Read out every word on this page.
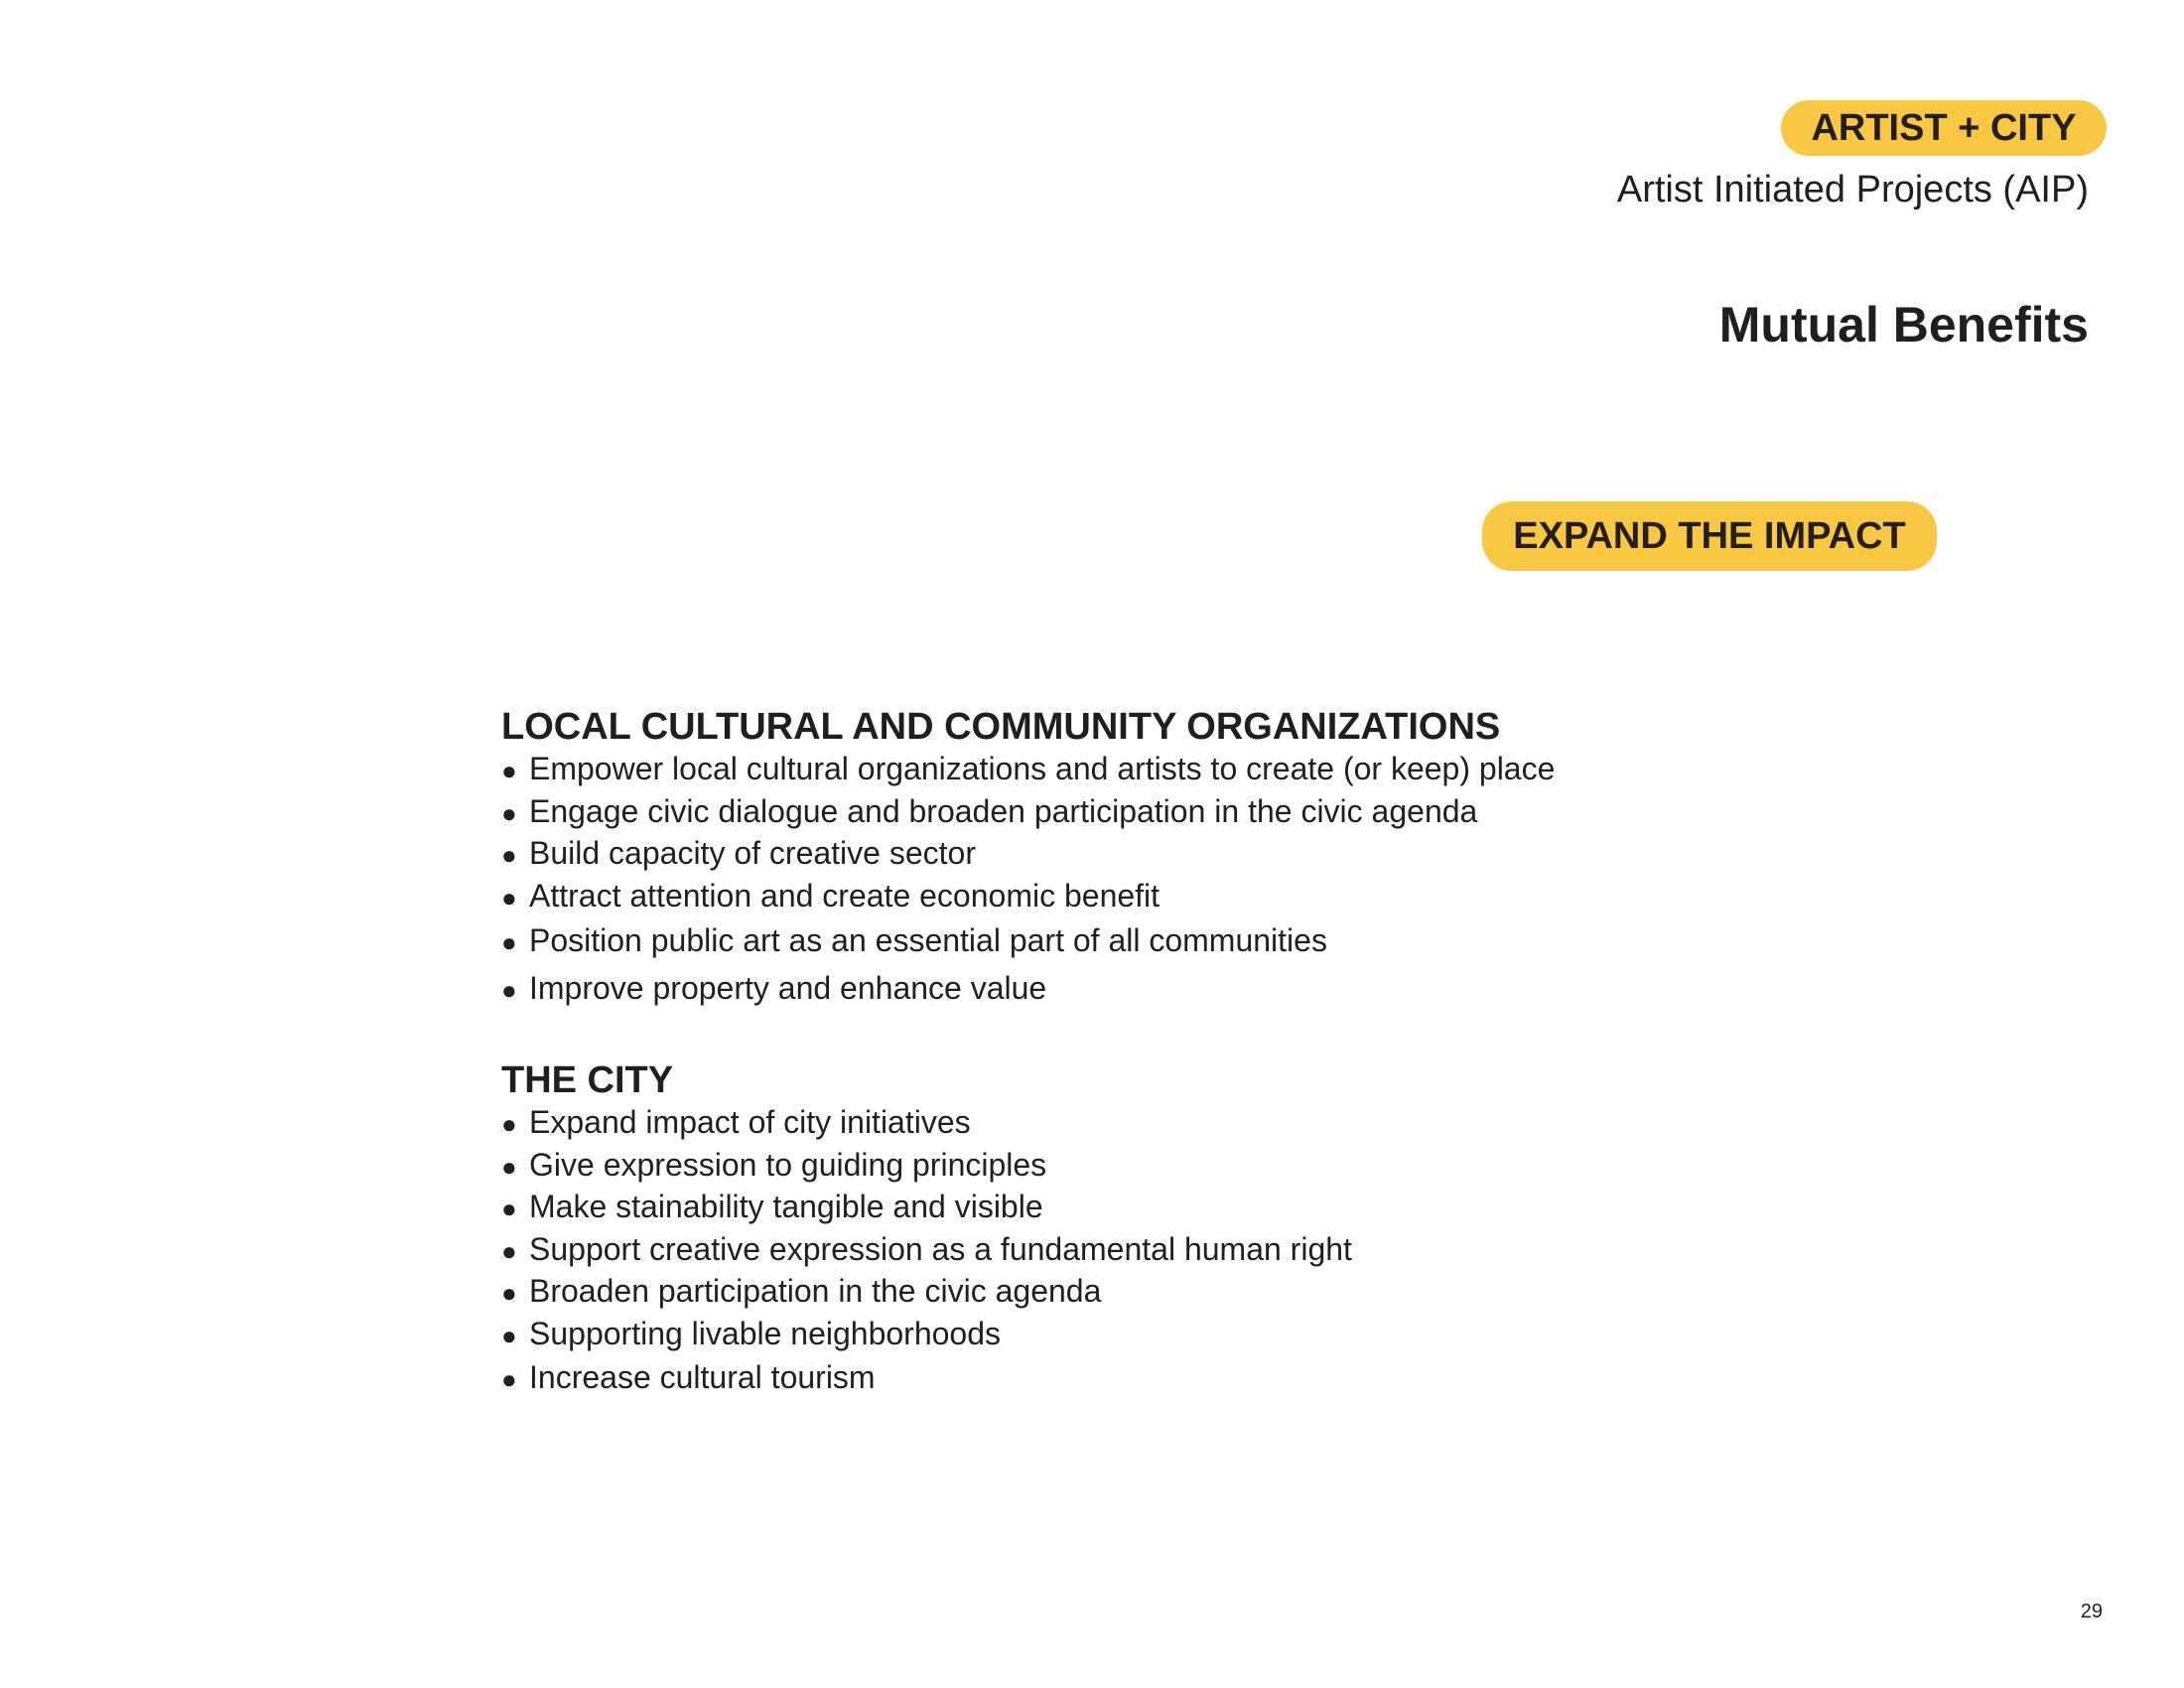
ARTIST + CITY
Artist Initiated Projects (AIP)
Mutual Benefits
EXPAND THE IMPACT
LOCAL CULTURAL AND COMMUNITY ORGANIZATIONS
● Empower local cultural organizations and artists to create (or keep) place
● Engage civic dialogue and broaden participation in the civic agenda
● Build capacity of creative sector
● Attract attention and create economic benefit
● Position public art as an essential part of all communities
● Improve property and enhance value
THE CITY
● Expand impact of city initiatives
● Give expression to guiding principles
● Make stainability tangible and visible
● Support creative expression as a fundamental human right
● Broaden participation in the civic agenda
● Supporting livable neighborhoods
● Increase cultural tourism
29
